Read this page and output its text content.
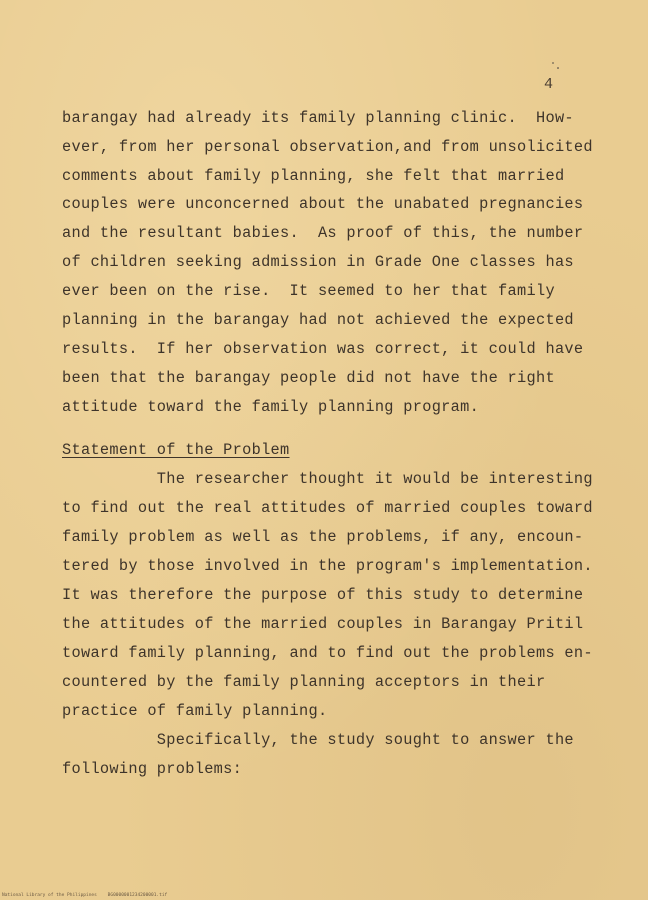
4
barangay had already its family planning clinic.  How-
ever, from her personal observation,and from unsolicited
comments about family planning, she felt that married
couples were unconcerned about the unabated pregnancies
and the resultant babies.  As proof of this, the number
of children seeking admission in Grade One classes has
ever been on the rise.  It seemed to her that family
planning in the barangay had not achieved the expected
results.  If her observation was correct, it could have
been that the barangay people did not have the right
attitude toward the family planning program.
Statement of the Problem
The researcher thought it would be interesting
to find out the real attitudes of married couples toward
family problem as well as the problems, if any, encoun-
tered by those involved in the program's implementation.
It was therefore the purpose of this study to determine
the attitudes of the married couples in Barangay Pritil
toward family planning, and to find out the problems en-
countered by the family planning acceptors in their
practice of family planning.
Specifically, the study sought to answer the
following problems:
National Library of the Philippines    BG0000001234200001.tif
